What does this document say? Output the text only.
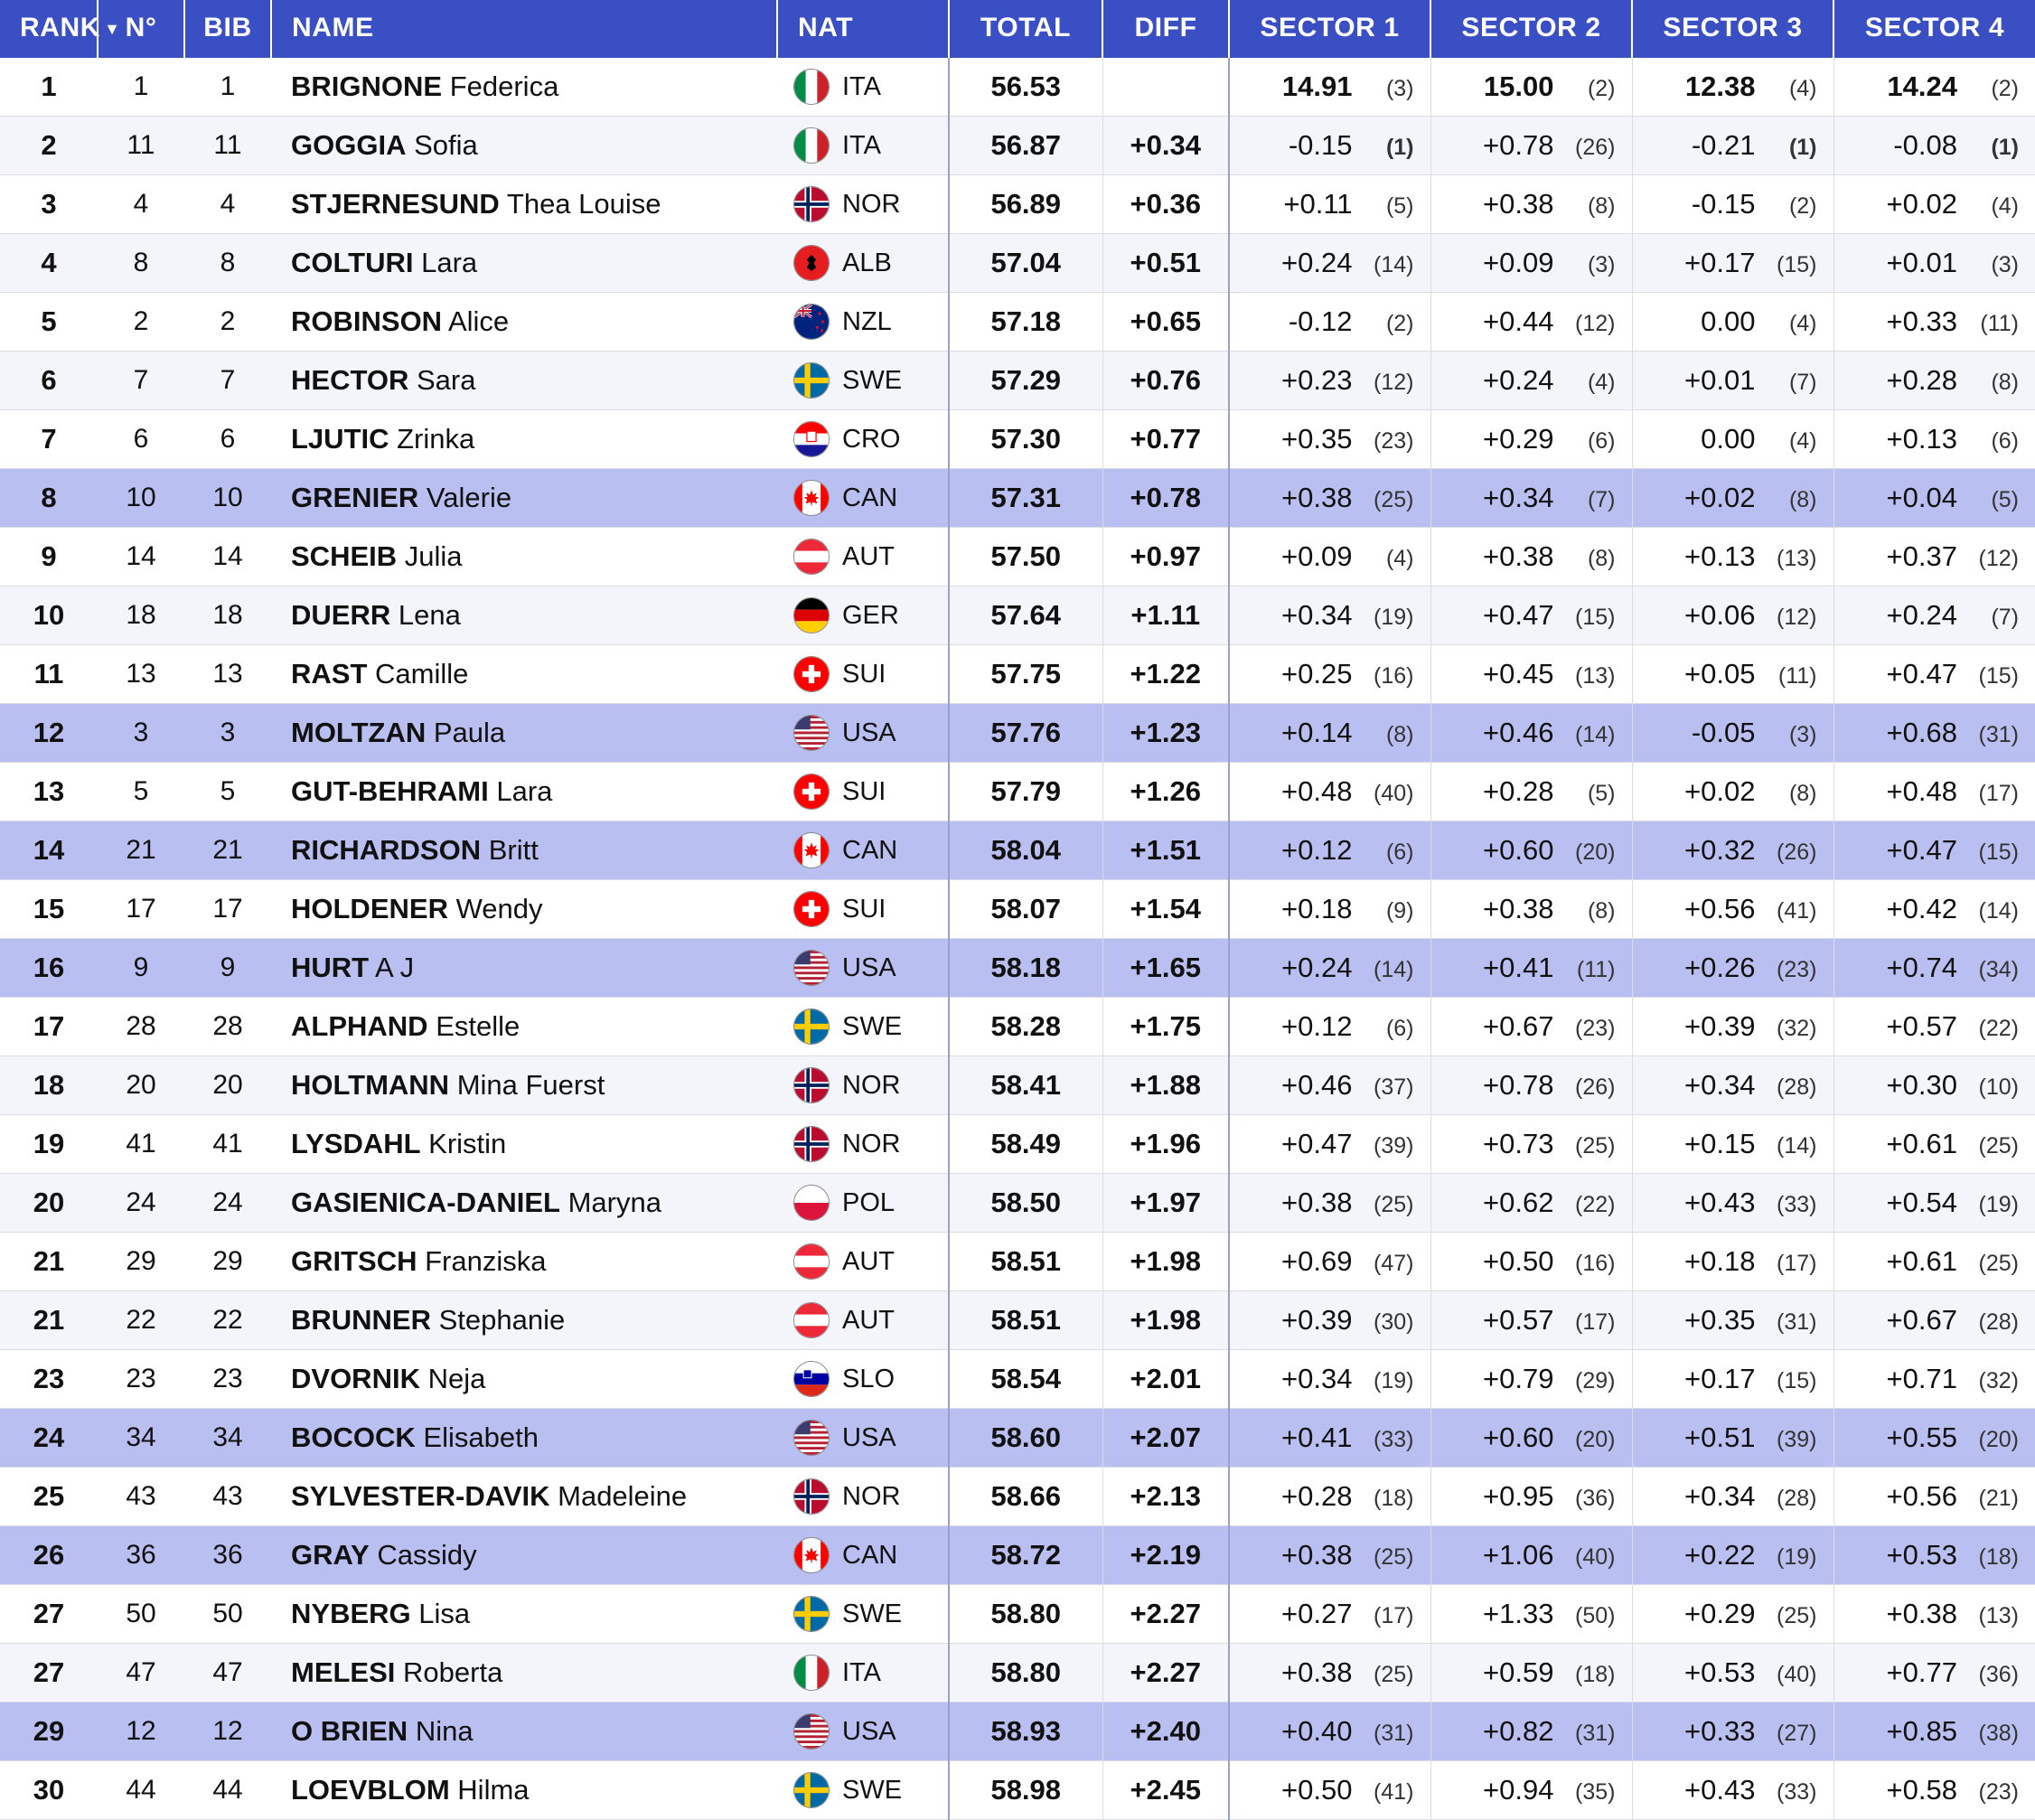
RANK ▼	N°	BIB	NAME	NAT	TOTAL	DIFF	SECTOR 1	SECTOR 2	SECTOR 3	SECTOR 4
1	1	1	BRIGNONE Federica	ITA	56.53		14.91 (3)	15.00 (2)	12.38 (4)	14.24 (2)

2	11	11	GOGGIA Sofia	ITA	56.87	+0.34	-0.15 (1)	+0.78 (26)	-0.21 (1)	-0.08 (1)

3	4	4	STJERNESUND Thea Louise	NOR	56.89	+0.36	+0.11 (5)	+0.38 (8)	-0.15 (2)	+0.02 (4)

4	8	8	COLTURI Lara	ALB	57.04	+0.51	+0.24 (14)	+0.09 (3)	+0.17 (15)	+0.01 (3)

5	2	2	ROBINSON Alice	NZL	57.18	+0.65	-0.12 (2)	+0.44 (12)	0.00 (4)	+0.33 (11)

6	7	7	HECTOR Sara	SWE	57.29	+0.76	+0.23 (12)	+0.24 (4)	+0.01 (7)	+0.28 (8)

7	6	6	LJUTIC Zrinka	CRO	57.30	+0.77	+0.35 (23)	+0.29 (6)	0.00 (4)	+0.13 (6)

8	10	10	GRENIER Valerie	CAN	57.31	+0.78	+0.38 (25)	+0.34 (7)	+0.02 (8)	+0.04 (5)

9	14	14	SCHEIB Julia	AUT	57.50	+0.97	+0.09 (4)	+0.38 (8)	+0.13 (13)	+0.37 (12)

10	18	18	DUERR Lena	GER	57.64	+1.11	+0.34 (19)	+0.47 (15)	+0.06 (12)	+0.24 (7)

11	13	13	RAST Camille	SUI	57.75	+1.22	+0.25 (16)	+0.45 (13)	+0.05 (11)	+0.47 (15)

12	3	3	MOLTZAN Paula	USA	57.76	+1.23	+0.14 (8)	+0.46 (14)	-0.05 (3)	+0.68 (31)

13	5	5	GUT-BEHRAMI Lara	SUI	57.79	+1.26	+0.48 (40)	+0.28 (5)	+0.02 (8)	+0.48 (17)

14	21	21	RICHARDSON Britt	CAN	58.04	+1.51	+0.12 (6)	+0.60 (20)	+0.32 (26)	+0.47 (15)

15	17	17	HOLDENER Wendy	SUI	58.07	+1.54	+0.18 (9)	+0.38 (8)	+0.56 (41)	+0.42 (14)

16	9	9	HURT A J	USA	58.18	+1.65	+0.24 (14)	+0.41 (11)	+0.26 (23)	+0.74 (34)

17	28	28	ALPHAND Estelle	SWE	58.28	+1.75	+0.12 (6)	+0.67 (23)	+0.39 (32)	+0.57 (22)

18	20	20	HOLTMANN Mina Fuerst	NOR	58.41	+1.88	+0.46 (37)	+0.78 (26)	+0.34 (28)	+0.30 (10)

19	41	41	LYSDAHL Kristin	NOR	58.49	+1.96	+0.47 (39)	+0.73 (25)	+0.15 (14)	+0.61 (25)

20	24	24	GASIENICA-DANIEL Maryna	POL	58.50	+1.97	+0.38 (25)	+0.62 (22)	+0.43 (33)	+0.54 (19)

21	29	29	GRITSCH Franziska	AUT	58.51	+1.98	+0.69 (47)	+0.50 (16)	+0.18 (17)	+0.61 (25)

21	22	22	BRUNNER Stephanie	AUT	58.51	+1.98	+0.39 (30)	+0.57 (17)	+0.35 (31)	+0.67 (28)

23	23	23	DVORNIK Neja	SLO	58.54	+2.01	+0.34 (19)	+0.79 (29)	+0.17 (15)	+0.71 (32)

24	34	34	BOCOCK Elisabeth	USA	58.60	+2.07	+0.41 (33)	+0.60 (20)	+0.51 (39)	+0.55 (20)

25	43	43	SYLVESTER-DAVIK Madeleine	NOR	58.66	+2.13	+0.28 (18)	+0.95 (36)	+0.34 (28)	+0.56 (21)

26	36	36	GRAY Cassidy	CAN	58.72	+2.19	+0.38 (25)	+1.06 (40)	+0.22 (19)	+0.53 (18)

27	50	50	NYBERG Lisa	SWE	58.80	+2.27	+0.27 (17)	+1.33 (50)	+0.29 (25)	+0.38 (13)

27	47	47	MELESI Roberta	ITA	58.80	+2.27	+0.38 (25)	+0.59 (18)	+0.53 (40)	+0.77 (36)

29	12	12	O BRIEN Nina	USA	58.93	+2.40	+0.40 (31)	+0.82 (31)	+0.33 (27)	+0.85 (38)

30	44	44	LOEVBLOM Hilma	SWE	58.98	+2.45	+0.50 (41)	+0.94 (35)	+0.43 (33)	+0.58 (23)
